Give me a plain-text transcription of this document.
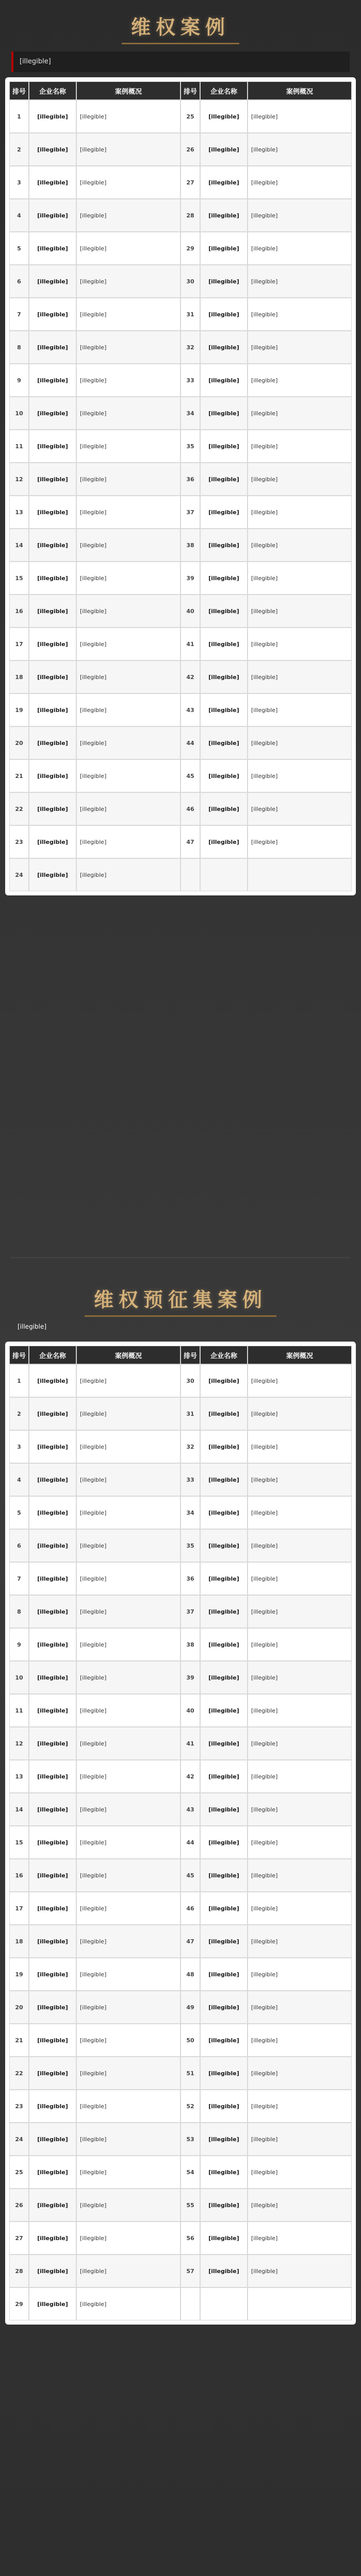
维权案例
[illegible]
排号	企业名称	案例概况	排号	企业名称	案例概况
1	[illegible]	[illegible]	25	[illegible]	[illegible]
2	[illegible]	[illegible]	26	[illegible]	[illegible]
3	[illegible]	[illegible]	27	[illegible]	[illegible]
4	[illegible]	[illegible]	28	[illegible]	[illegible]
5	[illegible]	[illegible]	29	[illegible]	[illegible]
6	[illegible]	[illegible]	30	[illegible]	[illegible]
7	[illegible]	[illegible]	31	[illegible]	[illegible]
8	[illegible]	[illegible]	32	[illegible]	[illegible]
9	[illegible]	[illegible]	33	[illegible]	[illegible]
10	[illegible]	[illegible]	34	[illegible]	[illegible]
11	[illegible]	[illegible]	35	[illegible]	[illegible]
12	[illegible]	[illegible]	36	[illegible]	[illegible]
13	[illegible]	[illegible]	37	[illegible]	[illegible]
14	[illegible]	[illegible]	38	[illegible]	[illegible]
15	[illegible]	[illegible]	39	[illegible]	[illegible]
16	[illegible]	[illegible]	40	[illegible]	[illegible]
17	[illegible]	[illegible]	41	[illegible]	[illegible]
18	[illegible]	[illegible]	42	[illegible]	[illegible]
19	[illegible]	[illegible]	43	[illegible]	[illegible]
20	[illegible]	[illegible]	44	[illegible]	[illegible]
21	[illegible]	[illegible]	45	[illegible]	[illegible]
22	[illegible]	[illegible]	46	[illegible]	[illegible]
23	[illegible]	[illegible]	47	[illegible]	[illegible]
24	[illegible]	[illegible]
维权预征集案例
[illegible]
排号	企业名称	案例概况	排号	企业名称	案例概况
1	[illegible]	[illegible]	30	[illegible]	[illegible]
2	[illegible]	[illegible]	31	[illegible]	[illegible]
3	[illegible]	[illegible]	32	[illegible]	[illegible]
4	[illegible]	[illegible]	33	[illegible]	[illegible]
5	[illegible]	[illegible]	34	[illegible]	[illegible]
6	[illegible]	[illegible]	35	[illegible]	[illegible]
7	[illegible]	[illegible]	36	[illegible]	[illegible]
8	[illegible]	[illegible]	37	[illegible]	[illegible]
9	[illegible]	[illegible]	38	[illegible]	[illegible]
10	[illegible]	[illegible]	39	[illegible]	[illegible]
11	[illegible]	[illegible]	40	[illegible]	[illegible]
12	[illegible]	[illegible]	41	[illegible]	[illegible]
13	[illegible]	[illegible]	42	[illegible]	[illegible]
14	[illegible]	[illegible]	43	[illegible]	[illegible]
15	[illegible]	[illegible]	44	[illegible]	[illegible]
16	[illegible]	[illegible]	45	[illegible]	[illegible]
17	[illegible]	[illegible]	46	[illegible]	[illegible]
18	[illegible]	[illegible]	47	[illegible]	[illegible]
19	[illegible]	[illegible]	48	[illegible]	[illegible]
20	[illegible]	[illegible]	49	[illegible]	[illegible]
21	[illegible]	[illegible]	50	[illegible]	[illegible]
22	[illegible]	[illegible]	51	[illegible]	[illegible]
23	[illegible]	[illegible]	52	[illegible]	[illegible]
24	[illegible]	[illegible]	53	[illegible]	[illegible]
25	[illegible]	[illegible]	54	[illegible]	[illegible]
26	[illegible]	[illegible]	55	[illegible]	[illegible]
27	[illegible]	[illegible]	56	[illegible]	[illegible]
28	[illegible]	[illegible]	57	[illegible]	[illegible]
29	[illegible]	[illegible]
